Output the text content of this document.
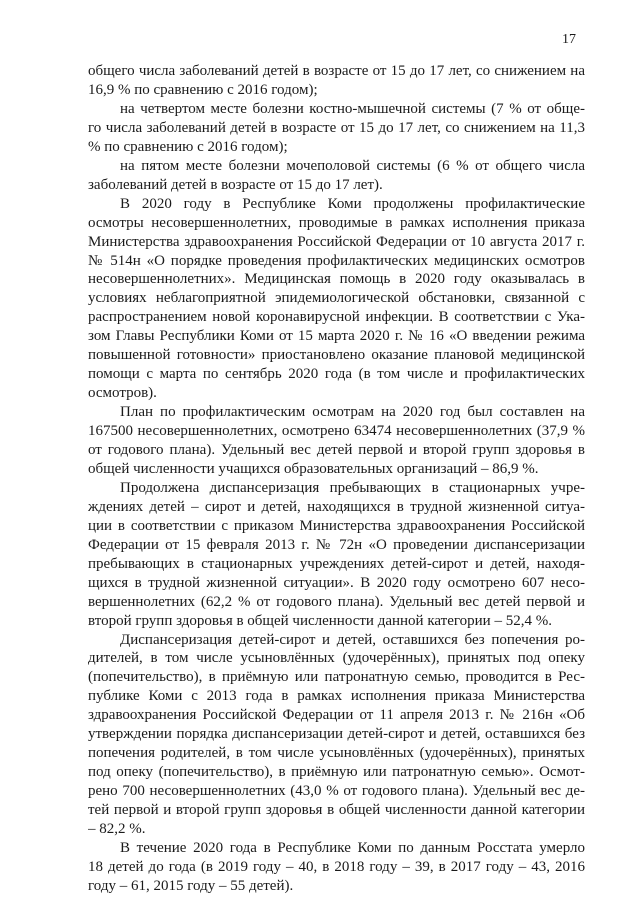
17
общего числа заболеваний детей в возрасте от 15 до 17 лет, со снижением на
16,9 % по сравнению с 2016 годом);
на четвертом месте болезни костно-мышечной системы (7 % от обще-
го числа заболеваний детей в возрасте от 15 до 17 лет, со снижением на 11,3
% по сравнению с 2016 годом);
на пятом месте болезни мочеполовой системы (6 % от общего числа
заболеваний детей в возрасте от 15 до 17 лет).
В 2020 году в Республике Коми продолжены профилактические
осмотры несовершеннолетних, проводимые в рамках исполнения приказа
Министерства здравоохранения Российской Федерации от 10 августа 2017 г.
№ 514н «О порядке проведения профилактических медицинских осмотров
несовершеннолетних». Медицинская помощь в 2020 году оказывалась в
условиях неблагоприятной эпидемиологической обстановки, связанной с
распространением новой коронавирусной инфекции. В соответствии с Ука-
зом Главы Республики Коми от 15 марта 2020 г. № 16 «О введении режима
повышенной готовности» приостановлено оказание плановой медицинской
помощи с марта по сентябрь 2020 года (в том числе и профилактических
осмотров).
План по профилактическим осмотрам на 2020 год был составлен на
167500 несовершеннолетних, осмотрено 63474 несовершеннолетних (37,9 %
от годового плана). Удельный вес детей первой и второй групп здоровья в
общей численности учащихся образовательных организаций – 86,9 %.
Продолжена диспансеризация пребывающих в стационарных учре-
ждениях детей – сирот и детей, находящихся в трудной жизненной ситуа-
ции в соответствии с приказом Министерства здравоохранения Российской
Федерации от 15 февраля 2013 г. № 72н «О проведении диспансеризации
пребывающих в стационарных учреждениях детей-сирот и детей, находя-
щихся в трудной жизненной ситуации». В 2020 году осмотрено 607 несо-
вершеннолетних (62,2 % от годового плана). Удельный вес детей первой и
второй групп здоровья в общей численности данной категории – 52,4 %.
Диспансеризация детей-сирот и детей, оставшихся без попечения ро-
дителей, в том числе усыновлённых (удочерённых), принятых под опеку
(попечительство), в приёмную или патронатную семью, проводится в Рес-
публике Коми с 2013 года в рамках исполнения приказа Министерства
здравоохранения Российской Федерации от 11 апреля 2013 г. № 216н «Об
утверждении порядка диспансеризации детей-сирот и детей, оставшихся без
попечения родителей, в том числе усыновлённых (удочерённых), принятых
под опеку (попечительство), в приёмную или патронатную семью». Осмот-
рено 700 несовершеннолетних (43,0 % от годового плана). Удельный вес де-
тей первой и второй групп здоровья в общей численности данной категории
– 82,2 %.
В течение 2020 года в Республике Коми по данным Росстата умерло
18 детей до года (в 2019 году – 40, в 2018 году – 39, в 2017 году – 43, 2016
году – 61, 2015 году – 55 детей).
